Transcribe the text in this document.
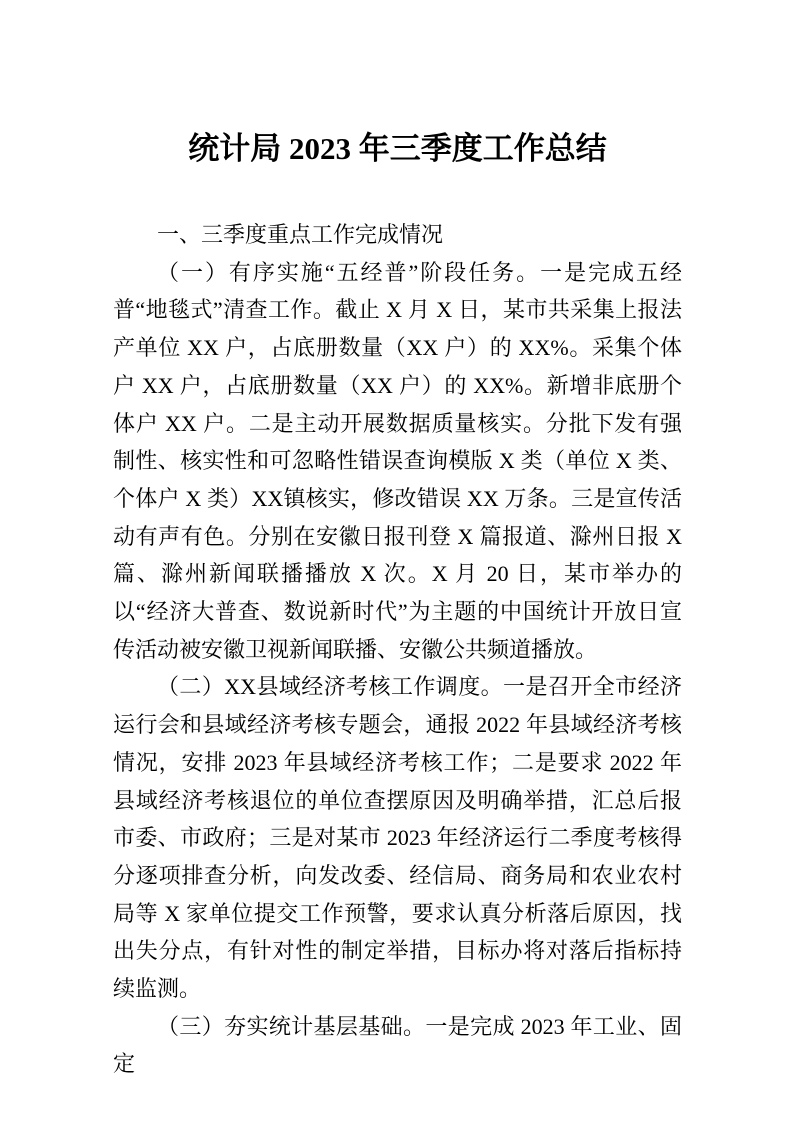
统计局 2023 年三季度工作总结
一、三季度重点工作完成情况

（一）有序实施“五经普”阶段任务。一是完成五经普“地毯式”清查工作。截止 X 月 X 日，某市共采集上报法产单位 XX 户，占底册数量（XX 户）的 XX%。采集个体户 XX 户，占底册数量（XX 户）的 XX%。新增非底册个体户 XX 户。二是主动开展数据质量核实。分批下发有强制性、核实性和可忽略性错误查询模版 X 类（单位 X 类、个体户 X 类）XX镇核实，修改错误 XX 万条。三是宣传活动有声有色。分别在安徽日报刊登 X 篇报道、滁州日报 X 篇、滁州新闻联播播放 X 次。X 月 20 日，某市举办的以“经济大普查、数说新时代”为主题的中国统计开放日宣传活动被安徽卫视新闻联播、安徽公共频道播放。

（二）XX县域经济考核工作调度。一是召开全市经济运行会和县域经济考核专题会，通报 2022 年县域经济考核情况，安排 2023 年县域经济考核工作；二是要求 2022 年县域经济考核退位的单位查摆原因及明确举措，汇总后报市委、市政府；三是对某市 2023 年经济运行二季度考核得分逐项排查分析，向发改委、经信局、商务局和农业农村局等 X 家单位提交工作预警，要求认真分析落后原因，找出失分点，有针对性的制定举措，目标办将对落后指标持续监测。

（三）夯实统计基层基础。一是完成 2023 年工业、固定
